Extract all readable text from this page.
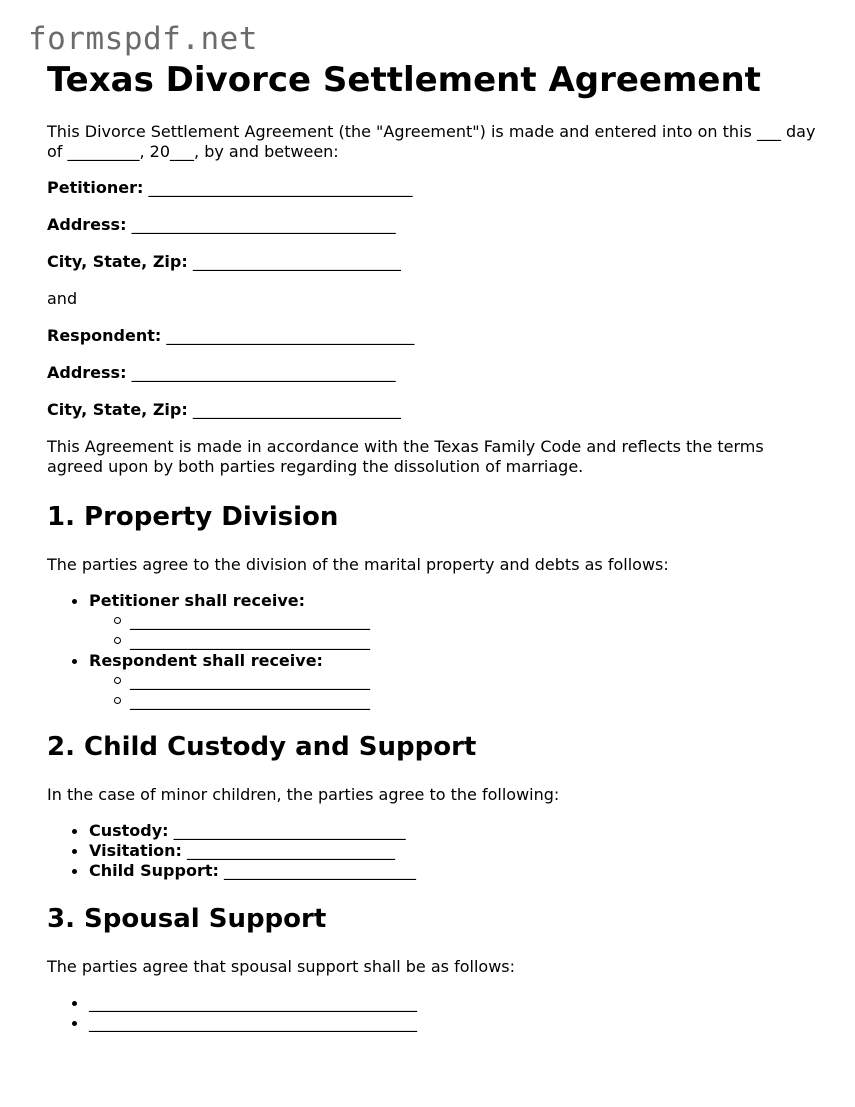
formspdf.net
Texas Divorce Settlement Agreement

This Divorce Settlement Agreement (the "Agreement") is made and entered into on this ___ day of _________, 20___, by and between:

Petitioner: _________________________________
Address: _________________________________
City, State, Zip: __________________________
and
Respondent: _______________________________
Address: _________________________________
City, State, Zip: __________________________

This Agreement is made in accordance with the Texas Family Code and reflects the terms agreed upon by both parties regarding the dissolution of marriage.

1. Property Division

The parties agree to the division of the marital property and debts as follows:

Petitioner shall receive:
______________________________
______________________________
Respondent shall receive:
______________________________
______________________________
2. Child Custody and Support

In the case of minor children, the parties agree to the following:

Custody: _____________________________
Visitation: __________________________
Child Support: ________________________
3. Spousal Support

The parties agree that spousal support shall be as follows:

_________________________________________
_________________________________________
